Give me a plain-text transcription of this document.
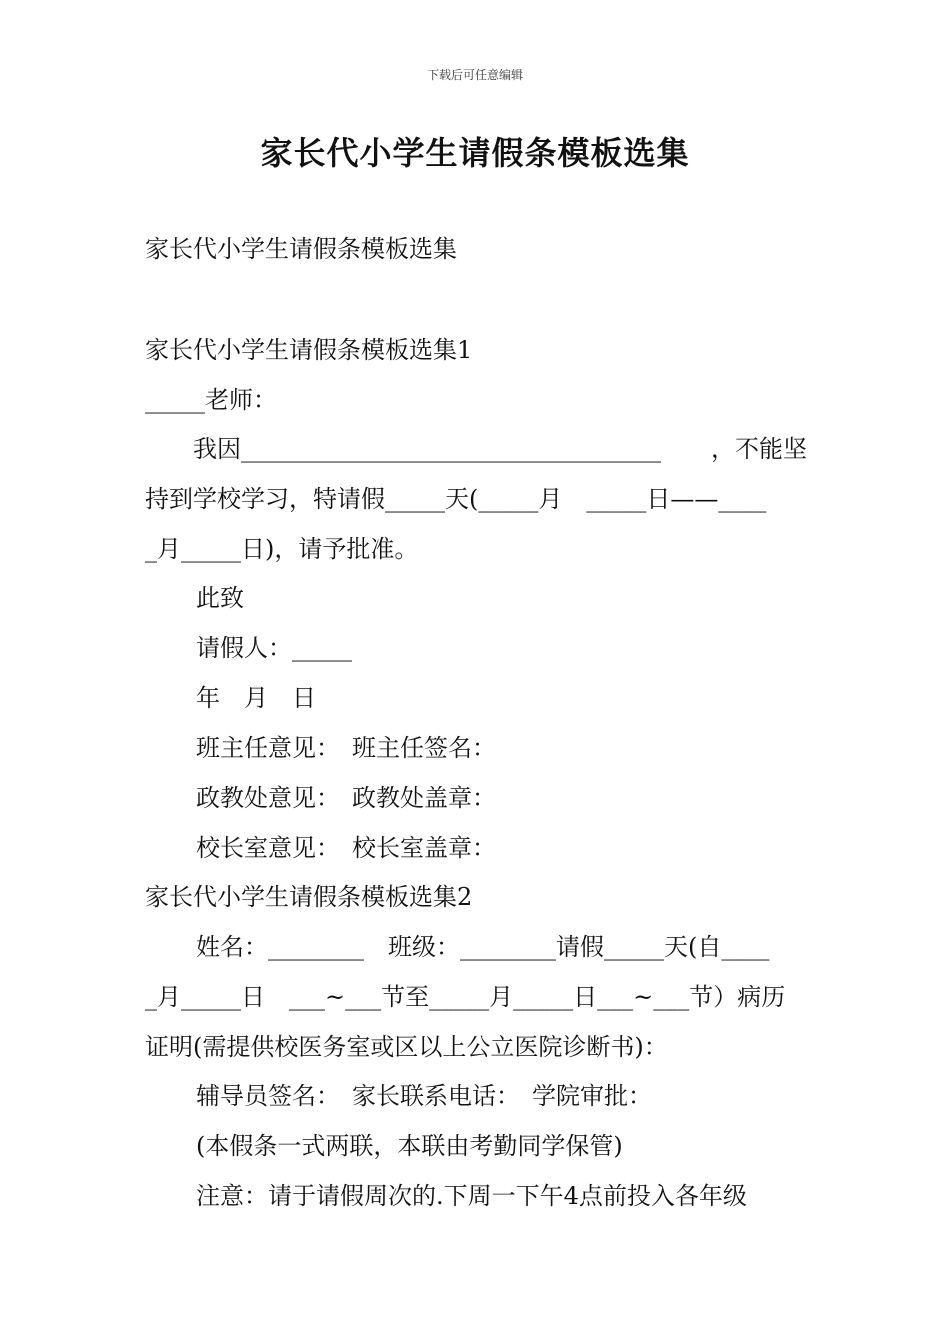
下载后可任意编辑
家长代小学生请假条模板选集
家长代小学生请假条模板选集
家长代小学生请假条模板选集1
_____老师：
　　我因___________________________________ ，不能坚
持到学校学习，特请假_____天(_____月　_____日——____
_月_____日)，请予批准。
此致
请假人：_____
年　月　日
班主任意见：　班主任签名：
政教处意见：　政教处盖章：
校长室意见：　校长室盖章：
家长代小学生请假条模板选集2
姓名：________　班级：________请假_____天(自____
_月_____日　___~___节至_____月_____日___~___节）病历
证明(需提供校医务室或区以上公立医院诊断书)：
辅导员签名：　家长联系电话：　学院审批：
(本假条一式两联，本联由考勤同学保管)
注意：请于请假周次的.下周一下午4点前投入各年级
